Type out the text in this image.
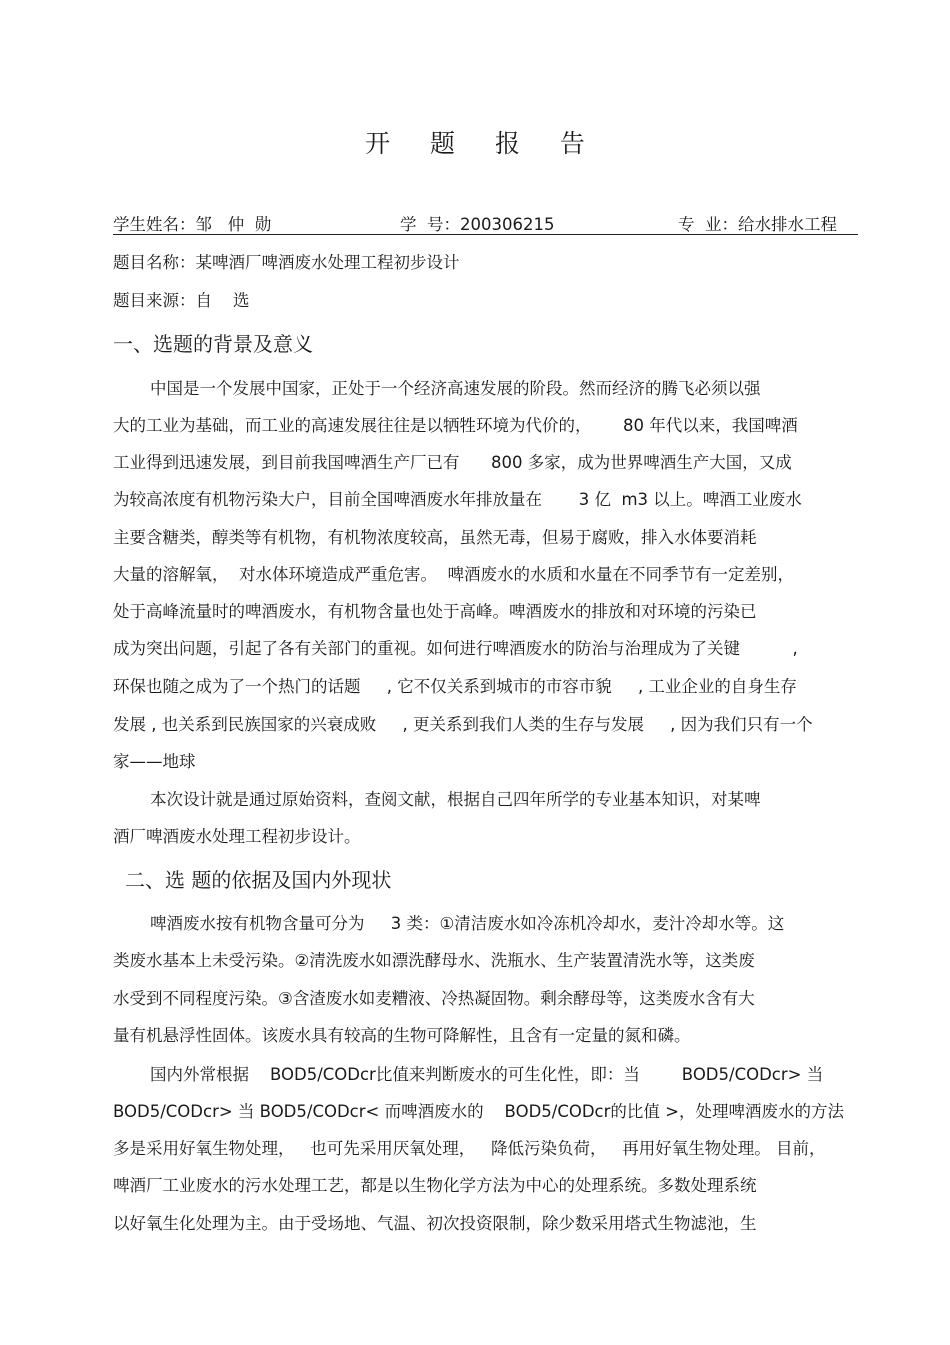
开 题 报 告
学生姓名：邹   仲  勋	学  号：200306215	专  业：给水排水工程
题目名称：某啤酒厂啤酒废水处理工程初步设计
题目来源：自    选
一、选题的背景及意义
中国是一个发展中国家，正处于一个经济高速发展的阶段。然而经济的腾飞必须以强
大的工业为基础，而工业的高速发展往往是以牺牲环境为代价的，      80 年代以来，我国啤酒
工业得到迅速发展，到目前我国啤酒生产厂已有      800 多家，成为世界啤酒生产大国，又成
为较高浓度有机物污染大户，目前全国啤酒废水年排放量在       3 亿  m3 以上。啤酒工业废水
主要含糖类，醇类等有机物，有机物浓度较高，虽然无毒，但易于腐败，排入水体要消耗
大量的溶解氧，  对水体环境造成严重危害。  啤酒废水的水质和水量在不同季节有一定差别，
处于高峰流量时的啤酒废水，有机物含量也处于高峰。啤酒废水的排放和对环境的污染已
成为突出问题，引起了各有关部门的重视。如何进行啤酒废水的防治与治理成为了关键          ,
环保也随之成为了一个热门的话题     , 它不仅关系到城市的市容市貌     , 工业企业的自身生存
发展 , 也关系到民族国家的兴衰成败     , 更关系到我们人类的生存与发展     , 因为我们只有一个
家——地球
本次设计就是通过原始资料，查阅文献，根据自己四年所学的专业基本知识，对某啤
酒厂啤酒废水处理工程初步设计。
二、选 题的依据及国内外现状
啤酒废水按有机物含量可分为     3 类：①清洁废水如冷冻机冷却水，麦汁冷却水等。这
类废水基本上未受污染。②清洗废水如漂洗酵母水、洗瓶水、生产装置清洗水等，这类废
水受到不同程度污染。③含渣废水如麦糟液、冷热凝固物。剩余酵母等，这类废水含有大
量有机悬浮性固体。该废水具有较高的生物可降解性，且含有一定量的氮和磷。
国内外常根据    BOD5/CODcr比值来判断废水的可生化性，即：当        BOD5/CODcr> 当
BOD5/CODcr> 当 BOD5/CODcr< 而啤酒废水的    BOD5/CODcr的比值 >，处理啤酒废水的方法
多是采用好氧生物处理，   也可先采用厌氧处理，   降低污染负荷，   再用好氧生物处理。 目前，
啤酒厂工业废水的污水处理工艺，都是以生物化学方法为中心的处理系统。多数处理系统
以好氧生化处理为主。由于受场地、气温、初次投资限制，除少数采用塔式生物滤池，生
